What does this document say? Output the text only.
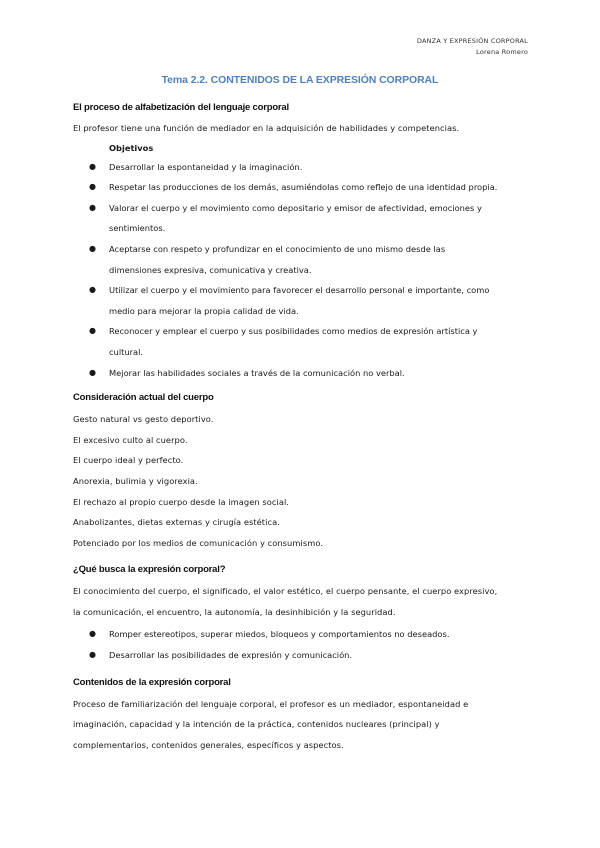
DANZA Y EXPRESIÓN CORPORAL
Lorena Romero
Tema 2.2. CONTENIDOS DE LA EXPRESIÓN CORPORAL
El proceso de alfabetización del lenguaje corporal
El profesor tiene una función de mediador en la adquisición de habilidades y competencias.
Objetivos
● Desarrollar la espontaneidad y la imaginación.
● Respetar las producciones de los demás, asumiéndolas como reflejo de una identidad propia.
● Valorar el cuerpo y el movimiento como depositario y emisor de afectividad, emociones y
sentimientos.
● Aceptarse con respeto y profundizar en el conocimiento de uno mismo desde las
dimensiones expresiva, comunicativa y creativa.
● Utilizar el cuerpo y el movimiento para favorecer el desarrollo personal e importante, como
medio para mejorar la propia calidad de vida.
● Reconocer y emplear el cuerpo y sus posibilidades como medios de expresión artística y
cultural.
● Mejorar las habilidades sociales a través de la comunicación no verbal.
Consideración actual del cuerpo
Gesto natural vs gesto deportivo.
El excesivo culto al cuerpo.
El cuerpo ideal y perfecto.
Anorexia, bulimia y vigorexia.
El rechazo al propio cuerpo desde la imagen social.
Anabolizantes, dietas externas y cirugía estética.
Potenciado por los medios de comunicación y consumismo.
¿Qué busca la expresión corporal?
El conocimiento del cuerpo, el significado, el valor estético, el cuerpo pensante, el cuerpo expresivo,
la comunicación, el encuentro, la autonomía, la desinhibición y la seguridad.
● Romper estereotipos, superar miedos, bloqueos y comportamientos no deseados.
● Desarrollar las posibilidades de expresión y comunicación.
Contenidos de la expresión corporal
Proceso de familiarización del lenguaje corporal, el profesor es un mediador, espontaneidad e
imaginación, capacidad y la intención de la práctica, contenidos nucleares (principal) y
complementarios, contenidos generales, específicos y aspectos.
